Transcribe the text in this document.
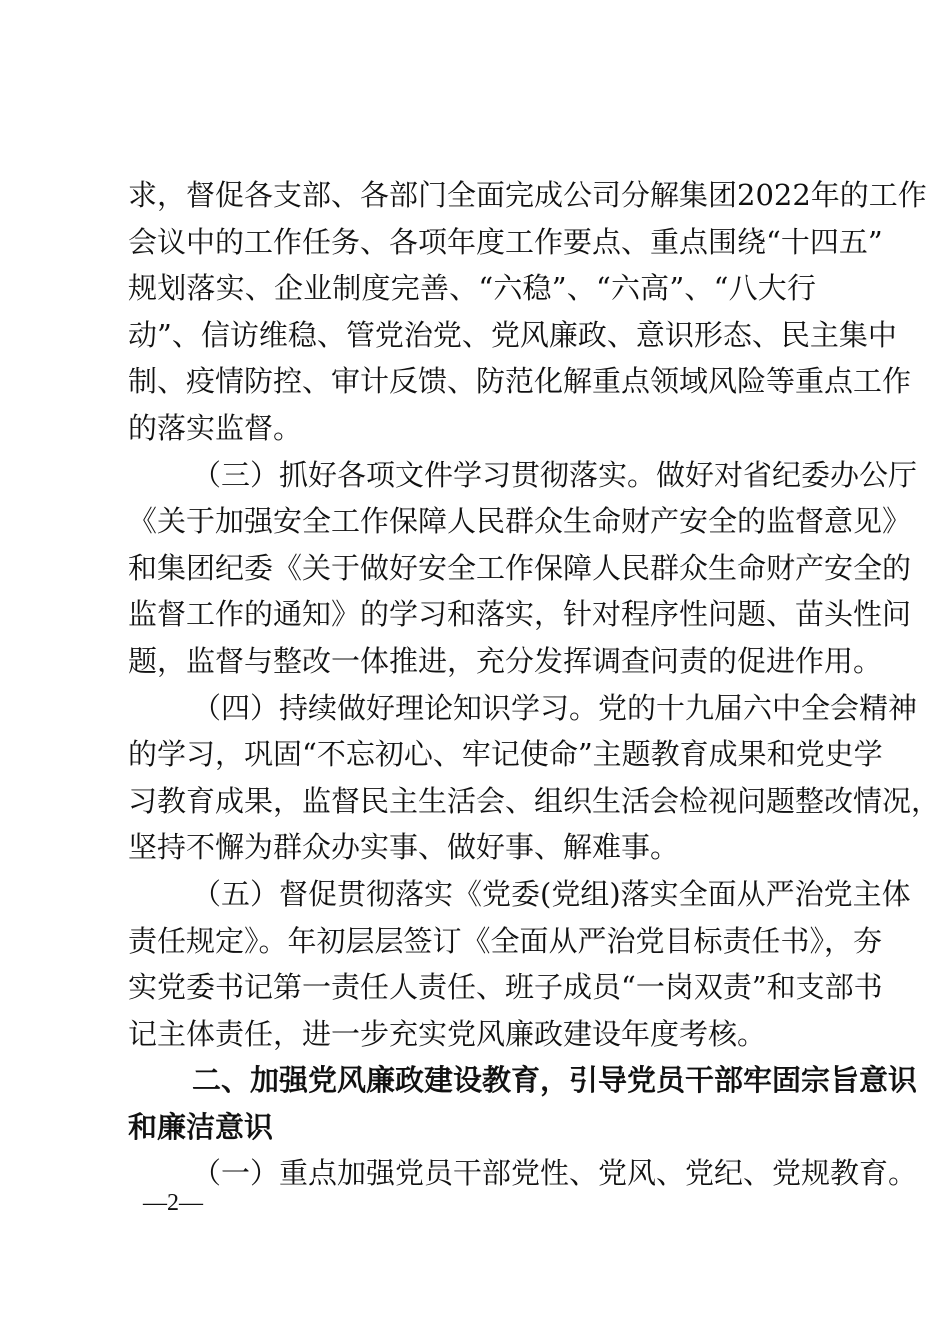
求，督促各支部、各部门全面完成公司分解集团2022年的工作
会议中的工作任务、各项年度工作要点、重点围绕“十四五”
规划落实、企业制度完善、“六稳”、“六高”、“八大行
动”、信访维稳、管党治党、党风廉政、意识形态、民主集中
制、疫情防控、审计反馈、防范化解重点领域风险等重点工作
的落实监督。
（三）抓好各项文件学习贯彻落实。做好对省纪委办公厅
《关于加强安全工作保障人民群众生命财产安全的监督意见》
和集团纪委《关于做好安全工作保障人民群众生命财产安全的
监督工作的通知》的学习和落实，针对程序性问题、苗头性问
题，监督与整改一体推进，充分发挥调查问责的促进作用。
（四）持续做好理论知识学习。党的十九届六中全会精神
的学习，巩固“不忘初心、牢记使命”主题教育成果和党史学
习教育成果，监督民主生活会、组织生活会检视问题整改情况，
坚持不懈为群众办实事、做好事、解难事。
（五）督促贯彻落实《党委(党组)落实全面从严治党主体
责任规定》。年初层层签订《全面从严治党目标责任书》，夯
实党委书记第一责任人责任、班子成员“一岗双责”和支部书
记主体责任，进一步充实党风廉政建设年度考核。
二、加强党风廉政建设教育，引导党员干部牢固宗旨意识
和廉洁意识
（一）重点加强党员干部党性、党风、党纪、党规教育。
—2—
